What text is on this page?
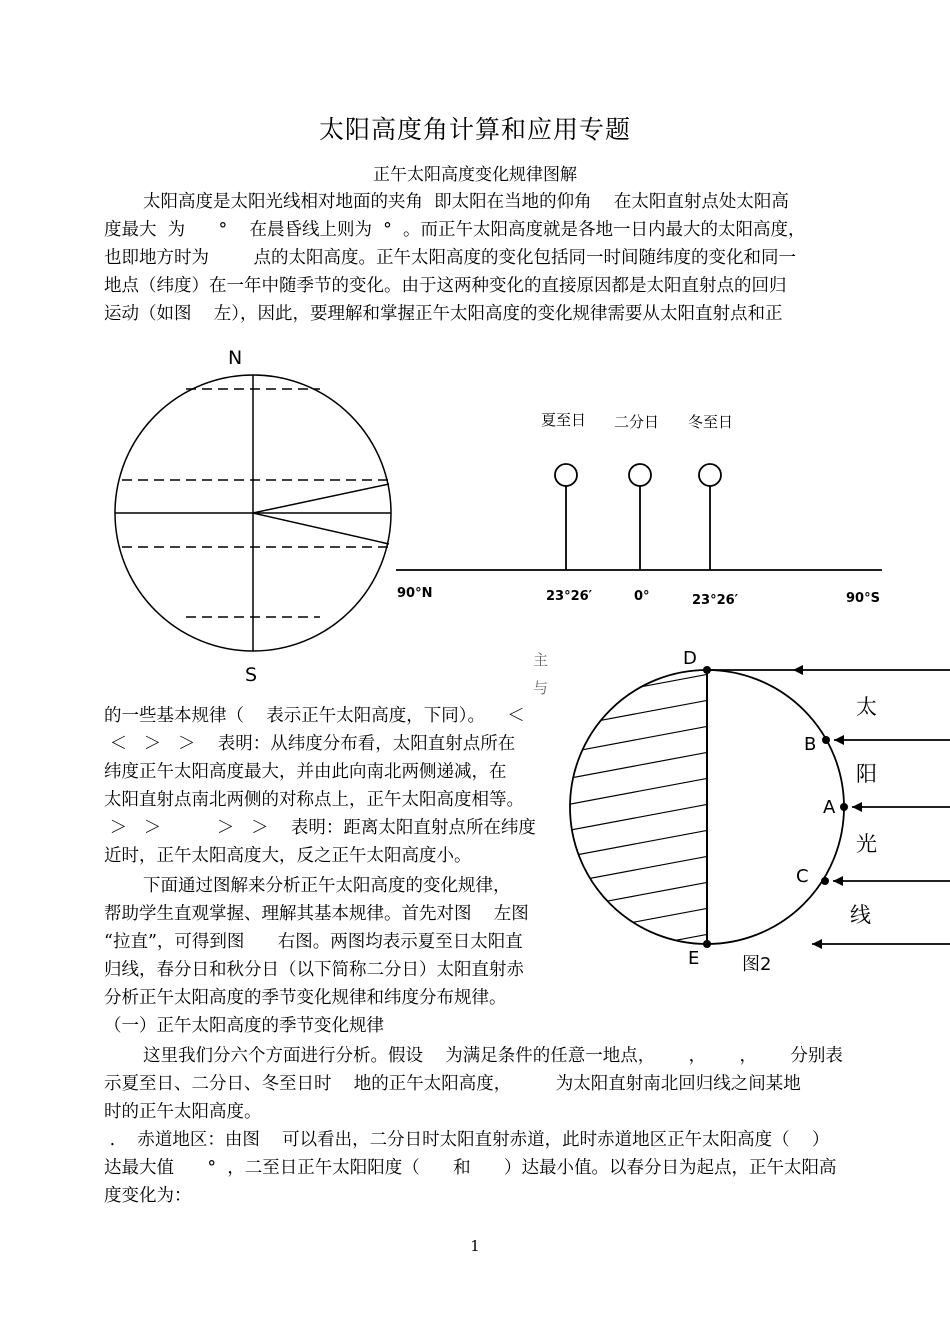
太阳高度角计算和应用专题
正午太阳高度变化规律图解
太阳高度是太阳光线相对地面的夹角  即太阳在当地的仰角    在太阳直射点处太阳高
度最大  为      °    在晨昏线上则为  °  。而正午太阳高度就是各地一日内最大的太阳高度，
也即地方时为        点的太阳高度。正午太阳高度的变化包括同一时间随纬度的变化和同一
地点（纬度）在一年中随季节的变化。由于这两种变化的直接原因都是太阳直射点的回归
运动（如图    左），因此，要理解和掌握正午太阳高度的变化规律需要从太阳直射点和正
的一些基本规律（    表示正午太阳高度，下同）。    ＜
＜   ＞   ＞    表明：从纬度分布看，太阳直射点所在
纬度正午太阳高度最大，并由此向南北两侧递减，在
太阳直射点南北两侧的对称点上，正午太阳高度相等。
＞   ＞          ＞   ＞    表明：距离太阳直射点所在纬度
近时，正午太阳高度大，反之正午太阳高度小。
下面通过图解来分析正午太阳高度的变化规律，
帮助学生直观掌握、理解其基本规律。首先对图    左图
“拉直”，可得到图      右图。两图均表示夏至日太阳直
归线，春分日和秋分日（以下简称二分日）太阳直射赤
分析正午太阳高度的季节变化规律和纬度分布规律。
（一）正午太阳高度的季节变化规律
这里我们分六个方面进行分析。假设    为满足条件的任意一地点，      ，      ，      分别表
示夏至日、二分日、冬至日时    地的正午太阳高度，        为太阳直射南北回归线之间某地
时的正午太阳高度。
.    赤道地区：由图    可以看出，二分日时太阳直射赤道，此时赤道地区正午太阳高度（    ）
达最大值      °  ，二至日正午太阳阳度（      和      ）达最小值。以春分日为起点，正午太阳高
度变化为：
1
N
S
夏至日 二分日 冬至日
90°N	23°26′	0°	23°26′	90°S
主
与
D
B
A
C
E
太
阳
光
线
图2
